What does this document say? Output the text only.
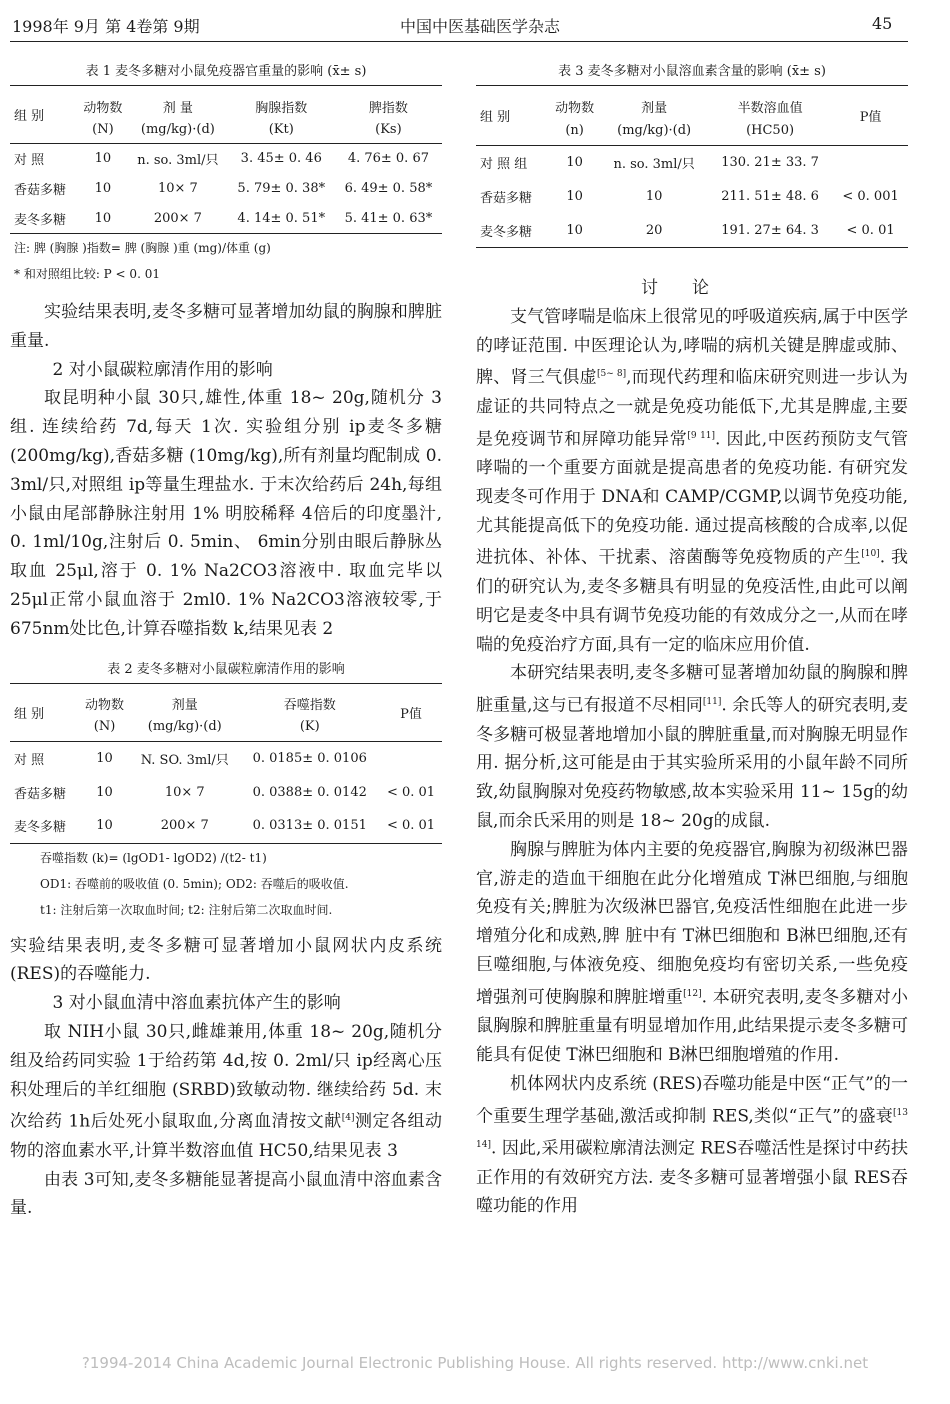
1998年 9月 第 4卷第 9期	中国中医基础医学杂志	45
表 1 麦冬多糖对小鼠免疫器官重量的影响 (x̄± s)
组 别	动物数	剂 量	胸腺指数	脾指数
	(N)	(mg/kg)·(d)	(Kt)	(Ks)
对 照	10	n. so. 3ml/只	3. 45± 0. 46	4. 76± 0. 67
香菇多糖	10	10× 7	5. 79± 0. 38*	6. 49± 0. 58*
麦冬多糖	10	200× 7	4. 14± 0. 51*	5. 41± 0. 63*
注: 脾 (胸腺 )指数= 脾 (胸腺 )重 (mg)/体重 (g)
* 和对照组比较: P < 0. 01

实验结果表明,麦冬多糖可显著增加幼鼠的胸腺和脾脏重量.

2 对小鼠碳粒廓清作用的影响

取昆明种小鼠 30只,雄性,体重 18~ 20g,随机分 3组. 连续给药 7d,每天 1次. 实验组分别 ip麦冬多糖 (200mg/kg),香菇多糖 (10mg/kg),所有剂量均配制成 0. 3ml/只,对照组 ip等量生理盐水. 于末次给药后 24h,每组小鼠由尾部静脉注射用 1% 明胶稀释 4倍后的印度墨汁, 0. 1ml/10g,注射后 0. 5min、 6min分别由眼后静脉丛取血 25μl,溶于 0. 1% Na2CO3溶液中. 取血完毕以 25μl正常小鼠血溶于 2ml0. 1% Na2CO3溶液较零,于 675nm处比色,计算吞噬指数 k,结果见表 2

表 2 麦冬多糖对小鼠碳粒廓清作用的影响
组 别	动物数	剂量	吞噬指数	P值
	(N)	(mg/kg)·(d)	(K)	
对 照	10	N. SO. 3ml/只	0. 0185± 0. 0106	
香菇多糖	10	10× 7	0. 0388± 0. 0142	< 0. 01
麦冬多糖	10	200× 7	0. 0313± 0. 0151	< 0. 01
吞噬指数 (k)= (lgOD1- lgOD2) /(t2- t1)
OD1: 吞噬前的吸收值 (0. 5min); OD2: 吞噬后的吸收值.
t1: 注射后第一次取血时间; t2: 注射后第二次取血时间.

实验结果表明,麦冬多糖可显著增加小鼠网状内皮系统 (RES)的吞噬能力.

3 对小鼠血清中溶血素抗体产生的影响

取 NIH小鼠 30只,雌雄兼用,体重 18~ 20g,随机分组及给药同实验 1于给药第 4d,按 0. 2ml/只 ip经离心压积处理后的羊红细胞 (SRBD)致敏动物. 继续给药 5d. 末次给药 1h后处死小鼠取血,分离血清按文献[4]测定各组动物的溶血素水平,计算半数溶血值 HC50,结果见表 3

由表 3可知,麦冬多糖能显著提高小鼠血清中溶血素含量.

表 3 麦冬多糖对小鼠溶血素含量的影响 (x̄± s)
组 别	动物数	剂量	半数溶血值	P值
	(n)	(mg/kg)·(d)	(HC50)	
对 照 组	10	n. so. 3ml/只	130. 21± 33. 7	
香菇多糖	10	10	211. 51± 48. 6	< 0. 001
麦冬多糖	10	20	191. 27± 64. 3	< 0. 01
讨论

支气管哮喘是临床上很常见的呼吸道疾病,属于中医学的哮证范围. 中医理论认为,哮喘的病机关键是脾虚或肺、脾、肾三气俱虚[5~ 8],而现代药理和临床研究则进一步认为虚证的共同特点之一就是免疫功能低下,尤其是脾虚,主要是免疫调节和屏障功能异常[9 11]. 因此,中医药预防支气管哮喘的一个重要方面就是提高患者的免疫功能. 有研究发现麦冬可作用于 DNA和 CAMP/CGMP,以调节免疫功能,尤其能提高低下的免疫功能. 通过提高核酸的合成率,以促进抗体、补体、干扰素、溶菌酶等免疫物质的产生[10]. 我们的研究认为,麦冬多糖具有明显的免疫活性,由此可以阐明它是麦冬中具有调节免疫功能的有效成分之一,从而在哮喘的免疫治疗方面,具有一定的临床应用价值.

本研究结果表明,麦冬多糖可显著增加幼鼠的胸腺和脾脏重量,这与已有报道不尽相同[11]. 余氏等人的研究表明,麦冬多糖可极显著地增加小鼠的脾脏重量,而对胸腺无明显作用. 据分析,这可能是由于其实验所采用的小鼠年龄不同所致,幼鼠胸腺对免疫药物敏感,故本实验采用 11~ 15g的幼鼠,而余氏采用的则是 18~ 20g的成鼠.

胸腺与脾脏为体内主要的免疫器官,胸腺为初级淋巴器官,游走的造血干细胞在此分化增殖成 T淋巴细胞,与细胞免疫有关;脾脏为次级淋巴器官,免疫活性细胞在此进一步增殖分化和成熟,脾 脏中有 T淋巴细胞和 B淋巴细胞,还有巨噬细胞,与体液免疫、细胞免疫均有密切关系,一些免疫增强剂可使胸腺和脾脏增重[12]. 本研究表明,麦冬多糖对小鼠胸腺和脾脏重量有明显增加作用,此结果提示麦冬多糖可能具有促使 T淋巴细胞和 B淋巴细胞增殖的作用.

机体网状内皮系统 (RES)吞噬功能是中医“正气”的一个重要生理学基础,激活或抑制 RES,类似“正气”的盛衰[13 14]. 因此,采用碳粒廓清法测定 RES吞噬活性是探讨中药扶正作用的有效研究方法. 麦冬多糖可显著增强小鼠 RES吞噬功能的作用

?1994-2014 China Academic Journal Electronic Publishing House. All rights reserved. http://www.cnki.net
